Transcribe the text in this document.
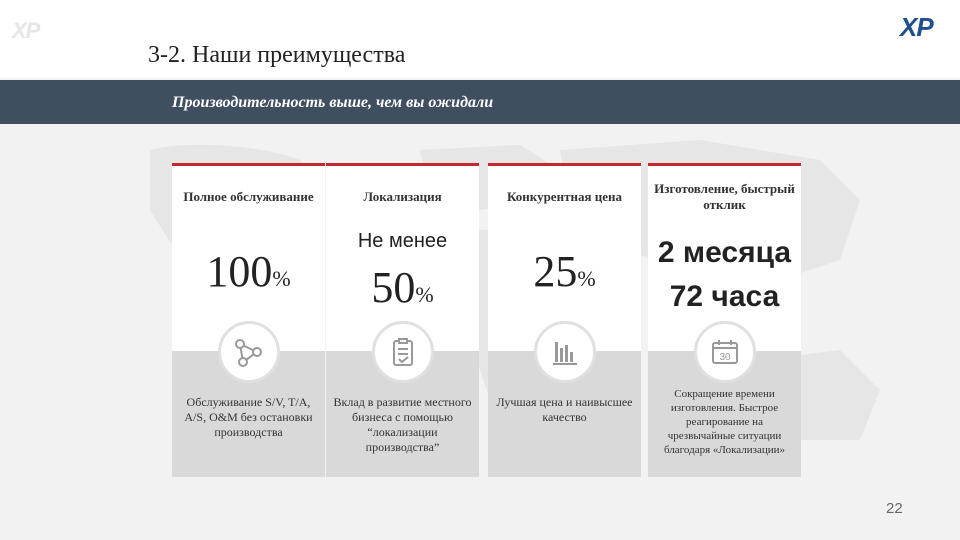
ΧΡ	ΧΡ
3-2. Наши преимущества
Производительность выше, чем вы ожидали
Полное обслуживание
100%
Обслуживание S/V, T/A, A/S, O&M без остановки производства
Локализация
Не менее
50%
Вклад в развитие местного бизнеса с помощью “локализации производства”
Конкурентная цена
25%
Лучшая цена и наивысшее качество
Изготовление, быстрый отклик
2 месяца
72 часа
30
Сокращение времени изготовления. Быстрое реагирование на чрезвычайные ситуации благодаря «Локализации»
22
